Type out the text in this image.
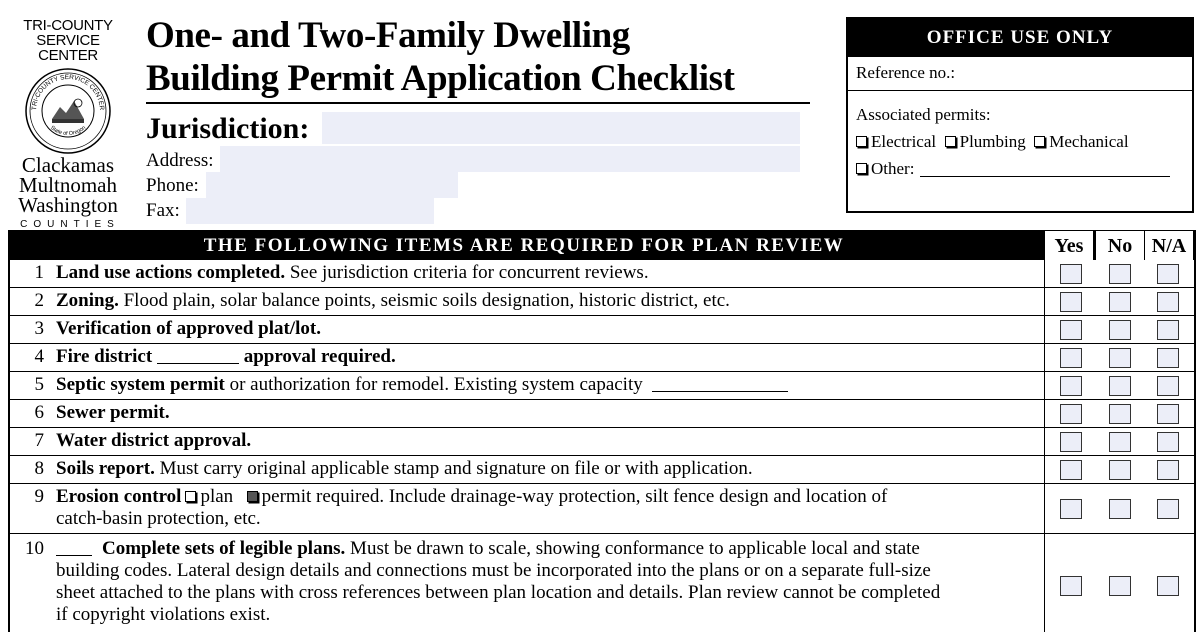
TRI-COUNTY
SERVICE CENTER
TRI-COUNTY SERVICE CENTER
State of Oregon
Clackamas
Multnomah
Washington
COUNTIES
One- and Two-Family Dwelling
Building Permit Application Checklist
Jurisdiction:
Address:
Phone:
Fax:
OFFICE USE ONLY
Reference no.:
Associated permits:
Electrical Plumbing Mechanical
Other:
THE FOLLOWING ITEMS ARE REQUIRED FOR PLAN REVIEW	Yes	No N/A
1 Land use actions completed. See jurisdiction criteria for concurrent reviews.
2 Zoning. Flood plain, solar balance points, seismic soils designation, historic district, etc.
3 Verification of approved plat/lot.
4 Fire district	approval required.
5 Septic system permit or authorization for remodel. Existing system capacity
6 Sewer permit.
7 Water district approval.
8 Soils report. Must carry original applicable stamp and signature on file or with application.
9 Erosion control plan permit required. Include drainage-way protection, silt fence design and location of
catch-basin protection, etc.
10	Complete sets of legible plans. Must be drawn to scale, showing conformance to applicable local and state
building codes. Lateral design details and connections must be incorporated into the plans or on a separate full-size
sheet attached to the plans with cross references between plan location and details. Plan review cannot be completed
if copyright violations exist.
